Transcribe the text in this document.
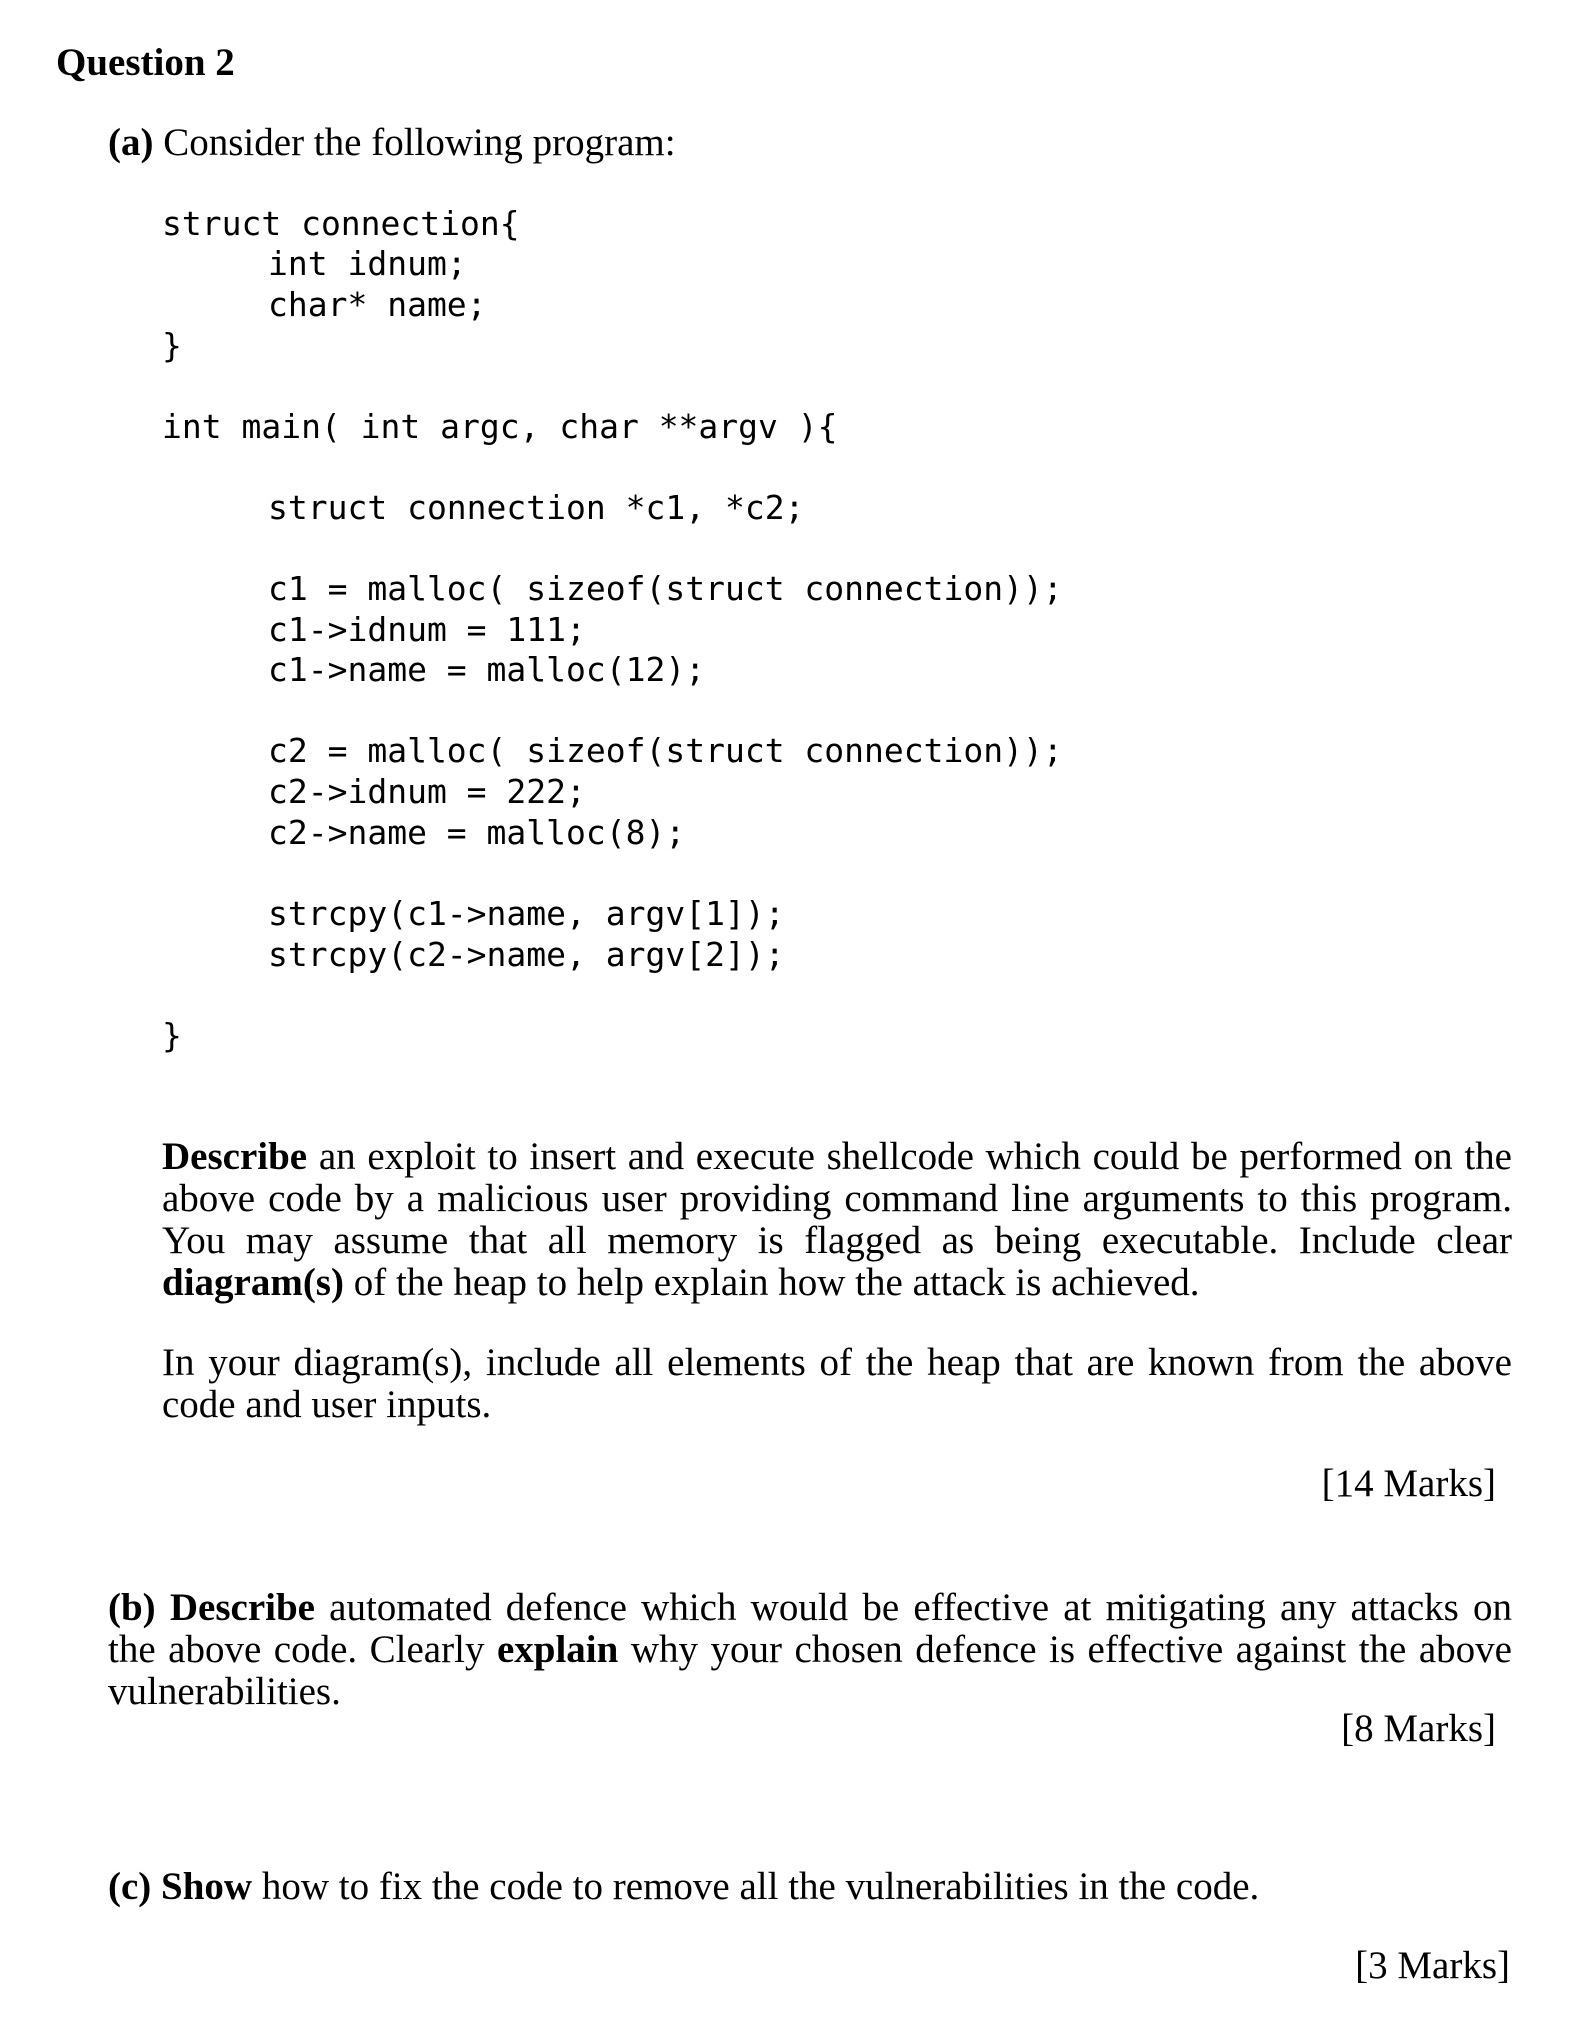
Question 2
(a) Consider the following program:
struct connection{
int idnum;
char* name;
}
int main( int argc, char **argv ){
struct connection *c1, *c2;
c1 = malloc( sizeof(struct connection));
c1->idnum = 111;
c1->name = malloc(12);
c2 = malloc( sizeof(struct connection));
c2->idnum = 222;
c2->name = malloc(8);
strcpy(c1->name, argv[1]);
strcpy(c2->name, argv[2]);
}
Describe an exploit to insert and execute shellcode which could be performed on the above code by a malicious user providing command line arguments to this program. You may assume that all memory is flagged as being executable. Include clear diagram(s) of the heap to help explain how the attack is achieved.
In your diagram(s), include all elements of the heap that are known from the above code and user inputs.
[14 Marks]
(b) Describe automated defence which would be effective at mitigating any attacks on the above code. Clearly explain why your chosen defence is effective against the above vulnerabilities.
[8 Marks]
(c) Show how to fix the code to remove all the vulnerabilities in the code.
[3 Marks]
